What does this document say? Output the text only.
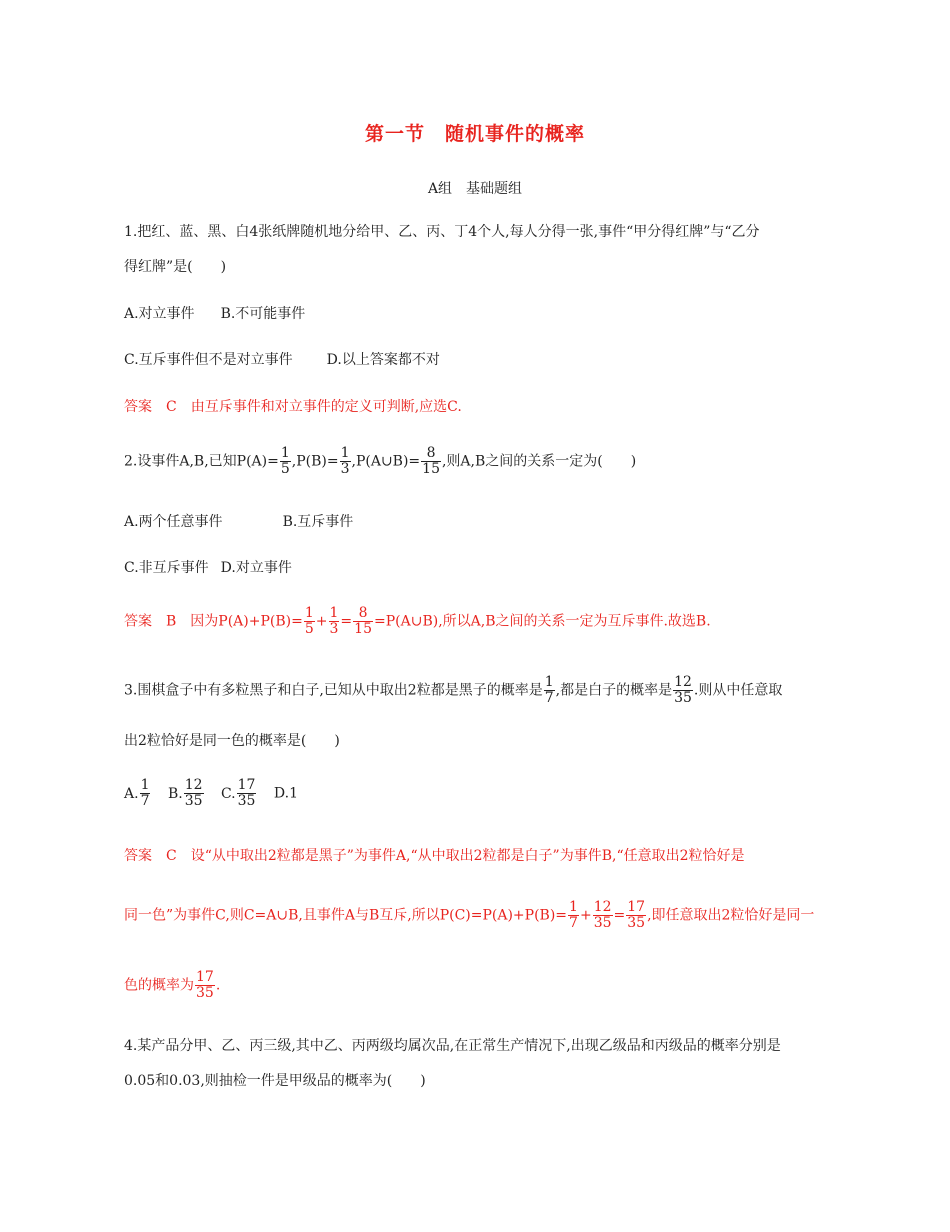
第一节　随机事件的概率
A组　基础题组
1.把红、蓝、黑、白4张纸牌随机地分给甲、乙、丙、丁4个人,每人分得一张,事件“甲分得红牌”与“乙分
得红牌”是(　　)
A.对立事件 B.不可能事件
C.互斥事件但不是对立事件 D.以上答案都不对
答案　C　由互斥事件和对立事件的定义可判断,应选C.
2.设事件A,B,已知$P(A)= \frac{1}{5} ,P(B)= \frac{1}{3}$ ,P(A∪B)= $\frac{8}{15}$ ,则A,B之间的关系一定为(　　)
A.两个任意事件	B.互斥事件
C.非互斥事件 D.对立事件
答案　B　因为$P(A)+P(B)= \frac{1}{5} + \frac{1}{3} = \frac{8}{15}$ =P(A∪B),所以A,B之间的关系一定为互斥事件.故选B.
3.围棋盒子中有多粒黑子和白子,已知从中取出2粒都是黑子的概率是 $\frac{1}{7}$ ,都是白子的概率是 $\frac{12}{35}$ .则从中任意取
出2粒恰好是同一色的概率是(　　)
A. $\frac{1}{7} B$. $\frac{12}{35} C$. $\frac{17}{35} D.1$
答案　C　设“从中取出2粒都是黑子”为事件A,“从中取出2粒都是白子”为事件B,“任意取出2粒恰好是
同一色”为事件C,则C=A∪B,且事件A与B互斥,所以$P(C)=P(A)+P(B)= \frac{1}{7} + \frac{12}{35} = \frac{17}{35}$ ,即任意取出2粒恰好是同一
色的概率为 $\frac{17}{35}$ .
4.某产品分甲、乙、丙三级,其中乙、丙两级均属次品,在正常生产情况下,出现乙级品和丙级品的概率分别是
0.05和0.03,则抽检一件是甲级品的概率为(　　)
